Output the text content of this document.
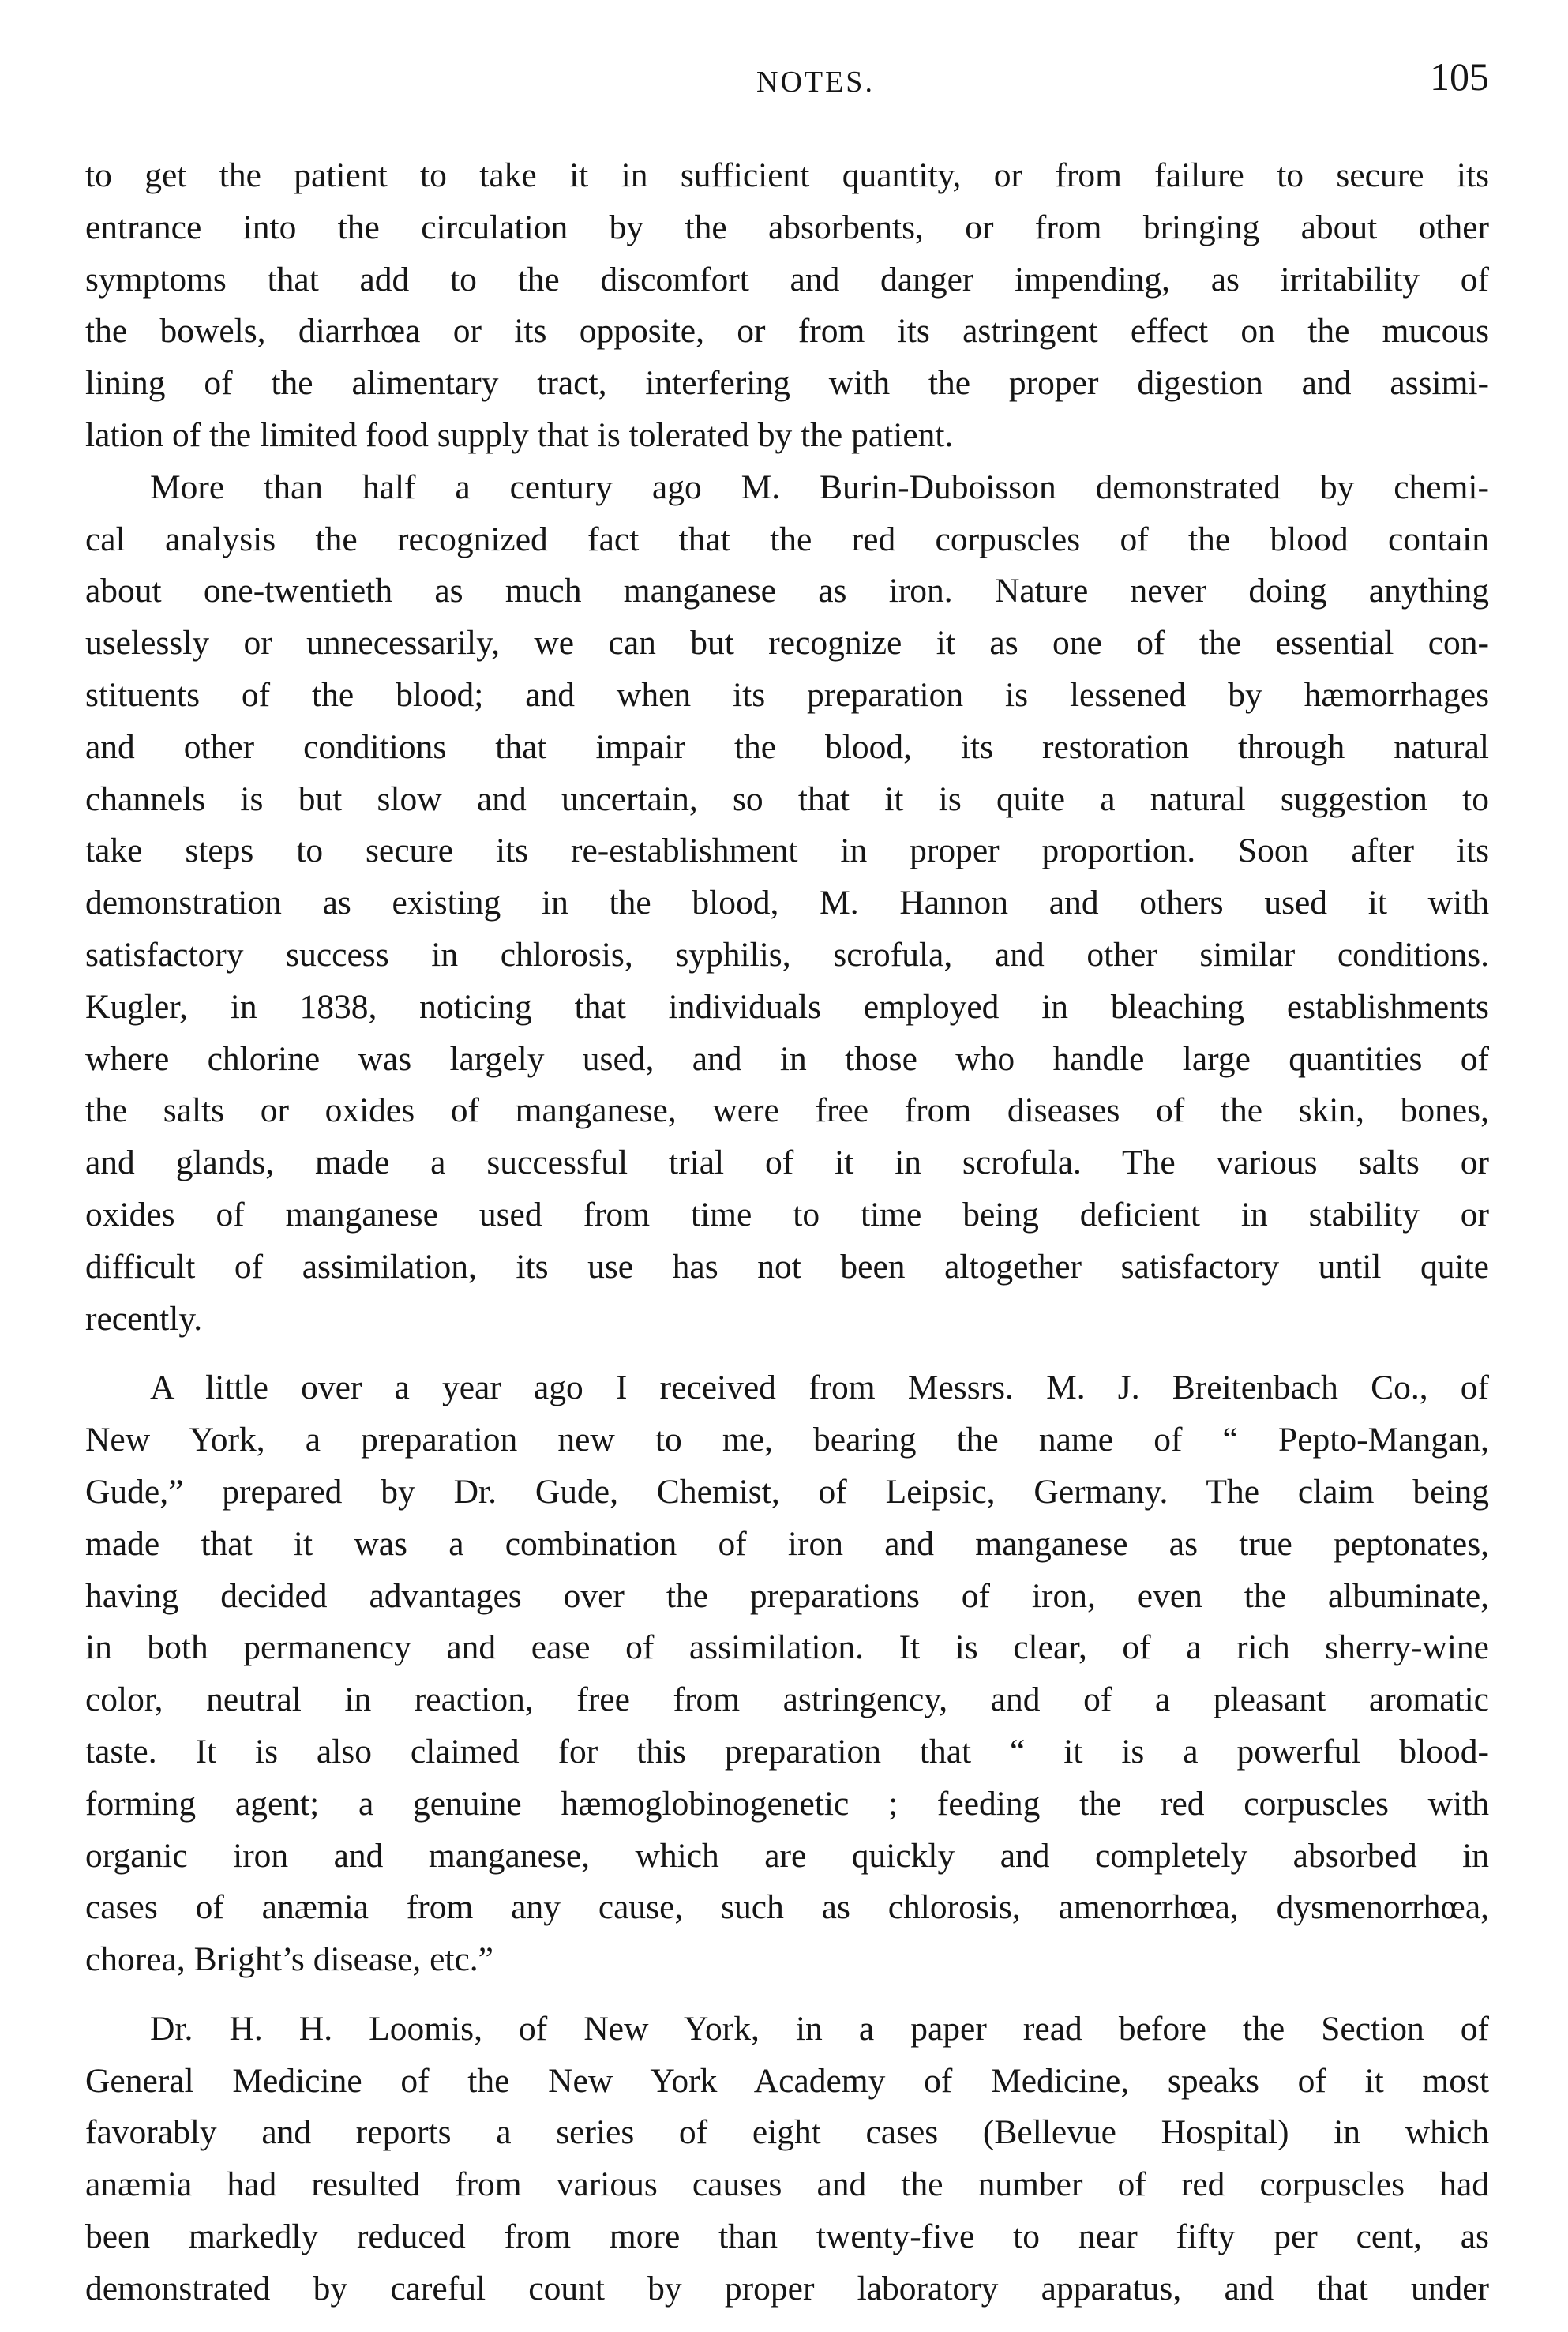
NOTES.	105

to get the patient to take it in sufficient quantity, or from failure to secure its
entrance into the circulation by the absorbents, or from bringing about other
symptoms that add to the discomfort and danger impending, as irritability of
the bowels, diarrhœa or its opposite, or from its astringent effect on the mucous
lining of the alimentary tract, interfering with the proper digestion and assimi-
lation of the limited food supply that is tolerated by the patient.

More than half a century ago M. Burin-Duboisson demonstrated by chemi-
cal analysis the recognized fact that the red corpuscles of the blood contain
about one-twentieth as much manganese as iron. Nature never doing anything
uselessly or unnecessarily, we can but recognize it as one of the essential con-
stituents of the blood; and when its preparation is lessened by hæmorrhages
and other conditions that impair the blood, its restoration through natural
channels is but slow and uncertain, so that it is quite a natural suggestion to
take steps to secure its re-establishment in proper proportion. Soon after its
demonstration as existing in the blood, M. Hannon and others used it with
satisfactory success in chlorosis, syphilis, scrofula, and other similar conditions.
Kugler, in 1838, noticing that individuals employed in bleaching establishments
where chlorine was largely used, and in those who handle large quantities of
the salts or oxides of manganese, were free from diseases of the skin, bones,
and glands, made a successful trial of it in scrofula. The various salts or
oxides of manganese used from time to time being deficient in stability or
difficult of assimilation, its use has not been altogether satisfactory until quite
recently.

A little over a year ago I received from Messrs. M. J. Breitenbach Co., of
New York, a preparation new to me, bearing the name of “ Pepto-Mangan,
Gude,” prepared by Dr. Gude, Chemist, of Leipsic, Germany. The claim being
made that it was a combination of iron and manganese as true peptonates,
having decided advantages over the preparations of iron, even the albuminate,
in both permanency and ease of assimilation. It is clear, of a rich sherry-wine
color, neutral in reaction, free from astringency, and of a pleasant aromatic
taste. It is also claimed for this preparation that “ it is a powerful blood-
forming agent; a genuine hæmoglobinogenetic ; feeding the red corpuscles with
organic iron and manganese, which are quickly and completely absorbed in
cases of anæmia from any cause, such as chlorosis, amenorrhœa, dysmenorrhœa,
chorea, Bright’s disease, etc.”

Dr. H. H. Loomis, of New York, in a paper read before the Section of
General Medicine of the New York Academy of Medicine, speaks of it most
favorably and reports a series of eight cases (Bellevue Hospital) in which
anæmia had resulted from various causes and the number of red corpuscles had
been markedly reduced from more than twenty-five to near fifty per cent, as
demonstrated by careful count by proper laboratory apparatus, and that under
